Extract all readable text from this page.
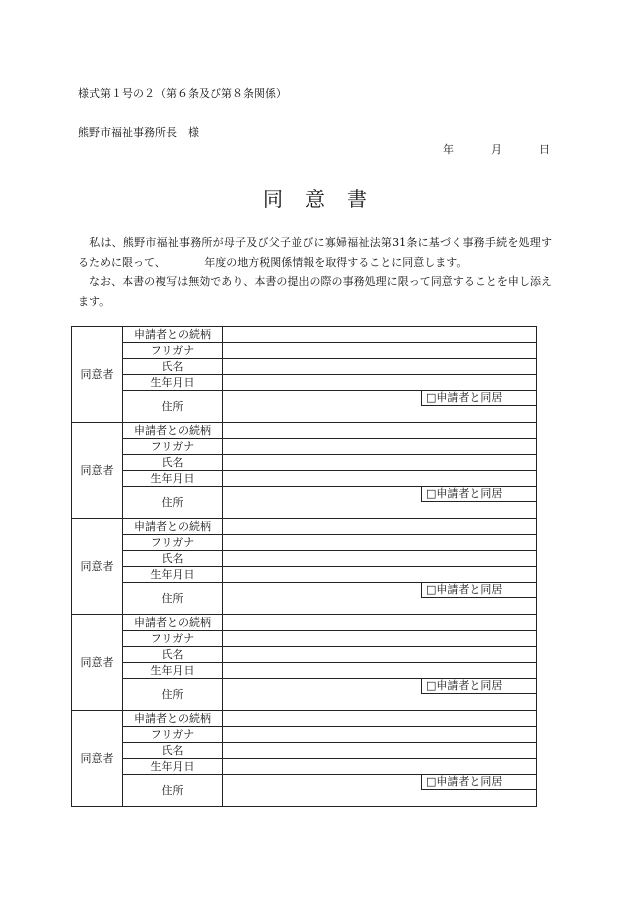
様式第１号の２（第６条及び第８条関係）
熊野市福祉事務所長　様
年	月	日
同意書
　私は、熊野市福祉事務所が母子及び父子並びに寡婦福祉法第31条に基づく事務手続を処理するために限って、　　　　年度の地方税関係情報を取得することに同意します。
　なお、本書の複写は無効であり、本書の提出の際の事務処理に限って同意することを申し添えます。
同意者	申請者との続柄	
	フリガナ	
	氏名	
	生年月日	
	住所	□申請者と同居

同意者	申請者との続柄	
	フリガナ	
	氏名	
	生年月日	
	住所	□申請者と同居

同意者	申請者との続柄	
	フリガナ	
	氏名	
	生年月日	
	住所	□申請者と同居

同意者	申請者との続柄	
	フリガナ	
	氏名	
	生年月日	
	住所	□申請者と同居

同意者	申請者との続柄	
	フリガナ	
	氏名	
	生年月日	
	住所	□申請者と同居
